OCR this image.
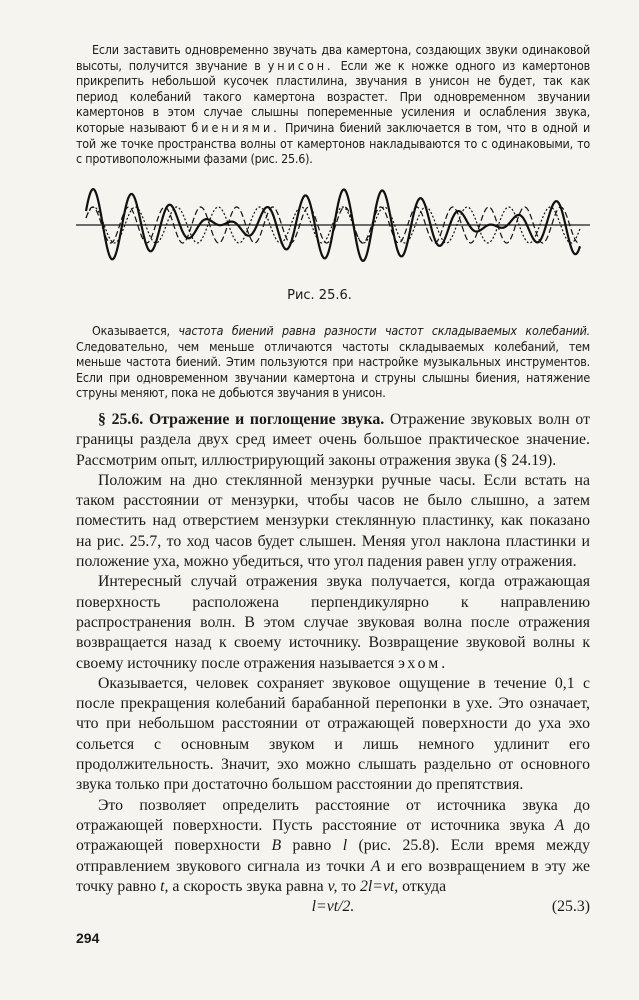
Если заставить одновременно звучать два камертона, создающих звуки одинаковой высоты, получится звучание в унисон. Если же к ножке одного из камертонов прикрепить небольшой кусочек пластилина, звучания в унисон не будет, так как период колебаний такого камертона возрастет. При одновременном звучании камертонов в этом случае слышны попеременные усиления и ослабления звука, которые называют биениями. Причина биений заключается в том, что в одной и той же точке пространства волны от камертонов накладываются то с одинаковыми, то с противоположными фазами (рис. 25.6).

Рис. 25.6.

Оказывается, частота биений равна разности частот складываемых колебаний. Следовательно, чем меньше отличаются частоты складываемых колебаний, тем меньше частота биений. Этим пользуются при настройке музыкальных инструментов. Если при одновременном звучании камертона и струны слышны биения, натяжение струны меняют, пока не добьются звучания в унисон.

§ 25.6. Отражение и поглощение звука. Отражение звуковых волн от границы раздела двух сред имеет очень большое практическое значение. Рассмотрим опыт, иллюстрирующий законы отражения звука (§ 24.19).

Положим на дно стеклянной мензурки ручные часы. Если встать на таком расстоянии от мензурки, чтобы часов не было слышно, а затем поместить над отверстием мензурки стеклянную пластинку, как показано на рис. 25.7, то ход часов будет слышен. Меняя угол наклона пластинки и положение уха, можно убедиться, что угол падения равен углу отражения.

Интересный случай отражения звука получается, когда отражающая поверхность расположена перпендикулярно к направлению распространения волн. В этом случае звуковая волна после отражения возвращается назад к своему источнику. Возвращение звуковой волны к своему источнику после отражения называется эхом.

Оказывается, человек сохраняет звуковое ощущение в течение 0,1 с после прекращения колебаний барабанной перепонки в ухе. Это означает, что при небольшом расстоянии от отражающей поверхности до уха эхо сольется с основным звуком и лишь немного удлинит его продолжительность. Значит, эхо можно слышать раздельно от основного звука только при достаточно большом расстоянии до препятствия.

Это позволяет определить расстояние от источника звука до отражающей поверхности. Пусть расстояние от источника звука A до отражающей поверхности B равно l (рис. 25.8). Если время между отправлением звукового сигнала из точки A и его возвращением в эту же точку равно t, а скорость звука равна v, то 2l=vt, откуда

l=vt/2.	(25.3)
294
